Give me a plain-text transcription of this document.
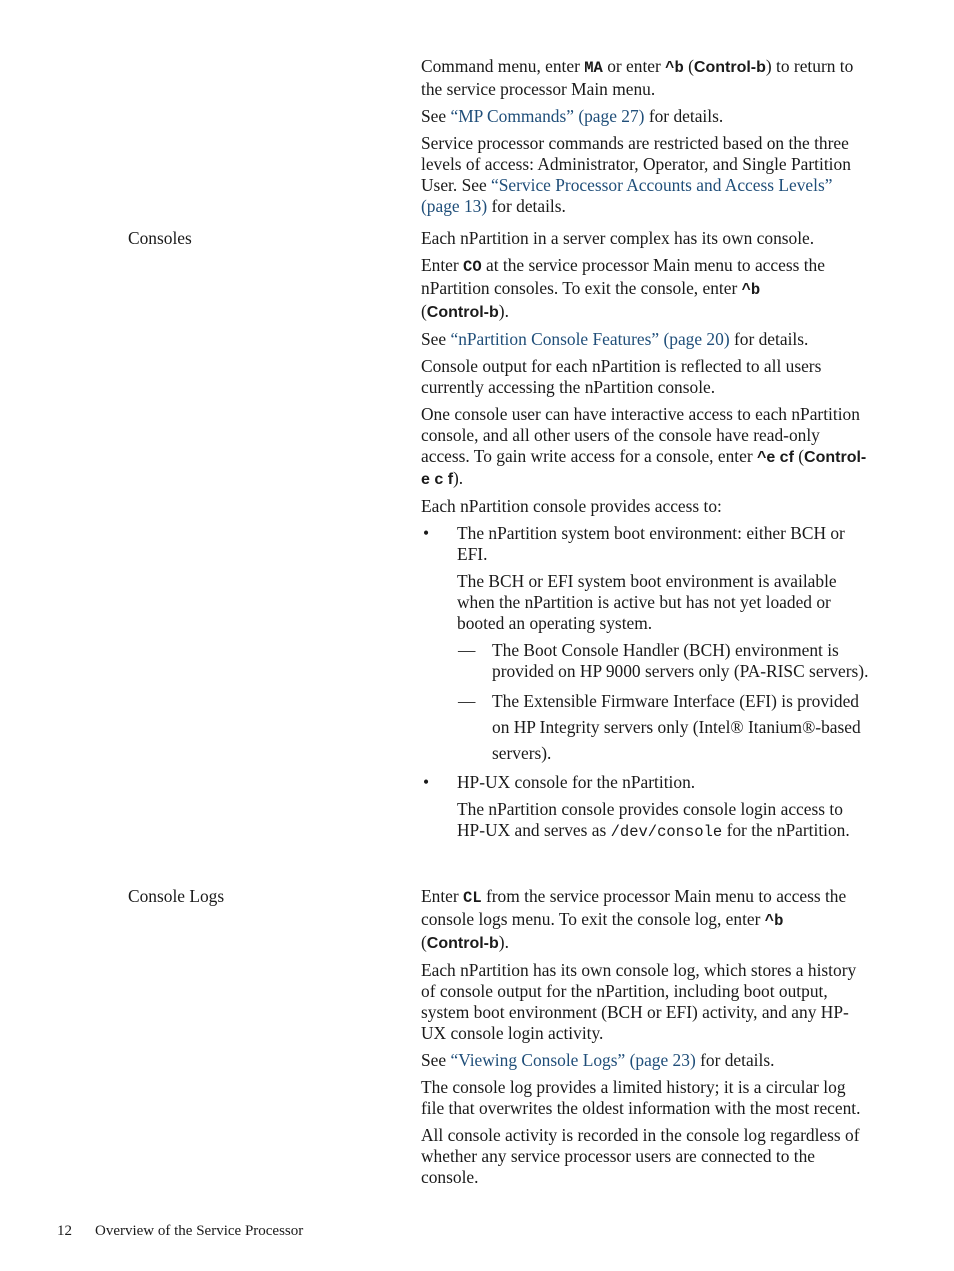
Command menu, enter MA or enter ^b (Control-b) to return to the service processor Main menu.

See “MP Commands” (page 27) for details.

Service processor commands are restricted based on the three levels of access: Administrator, Operator, and Single Partition User. See “Service Processor Accounts and Access Levels” (page 13) for details.

Consoles	Each nPartition in a server complex has its own console.

Enter CO at the service processor Main menu to access the nPartition consoles. To exit the console, enter ^b
(Control-b).

See “nPartition Console Features” (page 20) for details.

Console output for each nPartition is reflected to all users currently accessing the nPartition console.

One console user can have interactive access to each nPartition console, and all other users of the console have read-only access. To gain write access for a console, enter ^e cf (Control-e c f).

Each nPartition console provides access to:

• The nPartition system boot environment: either BCH or EFI.

The BCH or EFI system boot environment is available when the nPartition is active but has not yet loaded or booted an operating system.

— The Boot Console Handler (BCH) environment is provided on HP 9000 servers only (PA-RISC servers).
— The Extensible Firmware Interface (EFI) is provided on HP Integrity servers only (Intel® Itanium®-based servers).
• HP-UX console for the nPartition.

The nPartition console provides console login access to HP-UX and serves as /dev/console for the nPartition.

Console Logs	Enter CL from the service processor Main menu to access the console logs menu. To exit the console log, enter ^b
(Control-b).

Each nPartition has its own console log, which stores a history of console output for the nPartition, including boot output, system boot environment (BCH or EFI) activity, and any HP-UX console login activity.

See “Viewing Console Logs” (page 23) for details.

The console log provides a limited history; it is a circular log file that overwrites the oldest information with the most recent.

All console activity is recorded in the console log regardless of whether any service processor users are connected to the console.

12 Overview of the Service Processor
